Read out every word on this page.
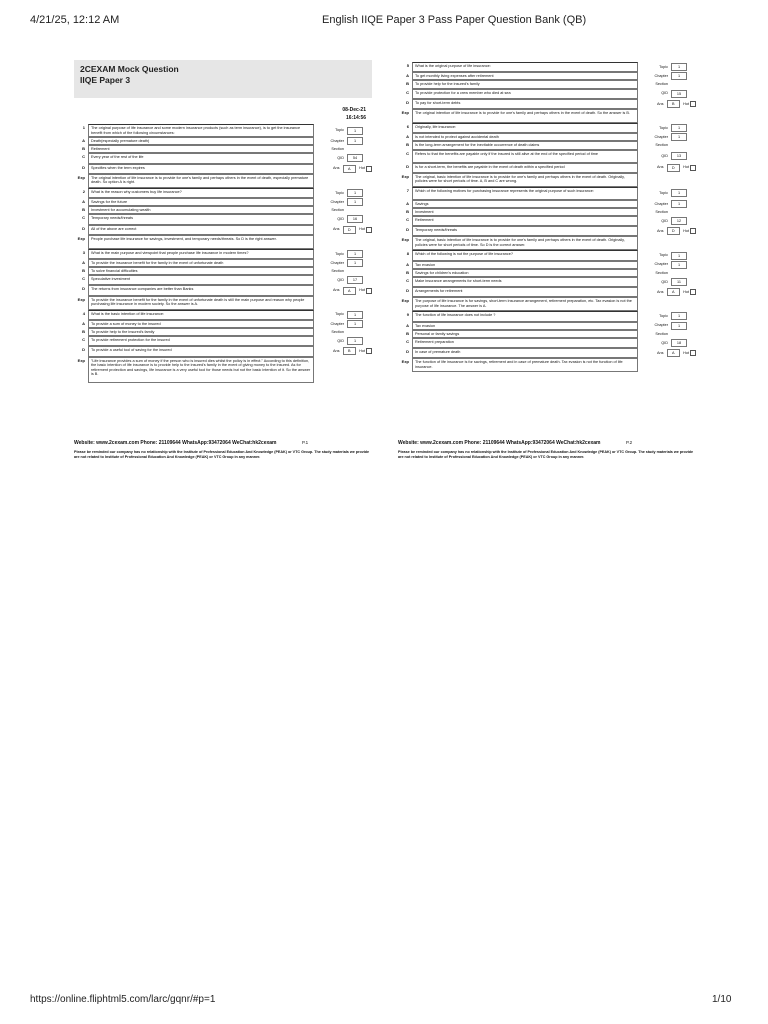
4/21/25, 12:12 AM	English IIQE Paper 3 Pass Paper Question Bank (QB)
https://online.fliphtml5.com/larc/gqnr/#p=1	1/10
2CEXAM Mock Question
IIQE Paper 3
08-Dec-21
16:14:56
1	The original purpose of life insurance and some modern insurance products (such as term insurance), is to get the insurance benefit from which of the following circumstances:
Topic	1
A	Death(especially premature death)	Chapter	1
B	Retirement	Section
C	Every year of the rest of the life	QID	54
D	Specifies when the term expires	Ans	A	Hot
Exp	The original intention of life insurance is to provide for one's family and perhaps others in the event of death, especially premature death. So option A is right.
2	What is the reason why customers buy life insurance?	Topic	1
A	Savings for the future	Chapter	1
B	Investment for accumulating wealth	Section
C	Temporary needs/threats	QID	16
D	All of the above are correct	Ans	D	Hot
Exp	People purchase life insurance for savings, investment, and temporary needs/threats. So D is the right answer.
3	What is the main purpose and viewpoint that people purchase life insurance in modern times?	Topic	1
A	To provide the insurance benefit for the family in the event of unfortunate death	Chapter	1
B	To solve financial difficulties	Section
C	Speculative investment	QID	17
D	The returns from insurance companies are better than Banks	Ans	A	Hot
Exp	To provide the insurance benefit for the family in the event of unfortunate death is still the main purpose and reason why people purchasing life insurance in modern society. So the answer is A.
4	What is the basic intention of life insurance:	Topic	1
A	To provide a sum of money to the insured	Chapter	1
B	To provide help to the insured's family	Section
C	To provide retirement protection for the insured	QID	1
D	To provide a useful tool of saving for the insured	Ans	B	Hot
Exp	"Life insurance provides a sum of money if the person who is insured dies whilst the policy is in effect." According to this definition, the basic intention of life insurance is to provide help to the insured's family in the event of giving money to the insured. As for retirement protection and savings, life insurance is a very useful tool for those needs but not the basic intention of it. So the answer is B.
Website: www.2cexam.com Phone: 21109644 WhatsApp:93472064 WeChat:hk2cexam	P.1
Please be reminded our company has no relationship with the Institute of Professional Education And Knowledge (PEAK) or VTC Group. The study materials we provide are not related to Institute of Professional Education And Knowledge (PEAK) or VTC Group in any manner.
5	What is the original purpose of life insurance:	Topic	1
A	To get monthly living expenses after retirement	Chapter	1
B	To provide help for the insured's family	Section
C	To provide protection for a crew member who died at sea	QID	15
D	To pay for short-term debts	Ans	B	Hot
Exp	The original intention of life insurance is to provide for one's family and perhaps others in the event of death. So the answer is B.
6	Originally, life insurance:	Topic	1
A	Is not intended to protect against accidental death	Chapter	1
B	Is the long-term arrangement for the inevitable occurrence of death claims	Section
C	Refers to that the benefits are payable only if the insured is still alive at the end of the specified period of time
QID	13
D	Is for a short-term, the benefits are payable in the event of death within a specified period	Ans	D	Hot
Exp	The original, basic intention of life insurance is to provide for one's family and perhaps others in the event of death. Originally, policies were for short periods of time. A, B and C are wrong.
7	Which of the following motives for purchasing insurance represents the original purpose of such insurance:
Topic	1
A	Savings	Chapter	1
B	Investment	Section
C	Retirement	QID	12
D	Temporary needs/threats	Ans	D	Hot
Exp	The original, basic intention of life insurance is to provide for one's family and perhaps others in the event of death. Originally, policies were for short periods of time. So D is the correct answer.
8	Which of the following is not the purpose of life insurance?	Topic	1
A	Tax evasion	Chapter	1
B	Savings for children's education	Section
C	Make insurance arrangements for short-term needs	QID	11
D	Arrangements for retirement	Ans	A	Hot
Exp	The purpose of life insurance is for savings, short-term insurance arrangement, retirement preparation, etc. Tax evasion is not the purpose of life insurance. The answer is A.
9	The function of life insurance does not include ?	Topic	1
A	Tax evasion	Chapter	1
B	Personal or family savings	Section
C	Retirement preparation	QID	18
D	In case of premature death	Ans	A	Hot
Exp	The function of life insurance is for savings, retirement and in case of premature death. Tax evasion is not the function of life insurance.
Website: www.2cexam.com Phone: 21109644 WhatsApp:93472064 WeChat:hk2cexam	P.2
Please be reminded our company has no relationship with the Institute of Professional Education And Knowledge (PEAK) or VTC Group. The study materials we provide are not related to Institute of Professional Education And Knowledge (PEAK) or VTC Group in any manner.
